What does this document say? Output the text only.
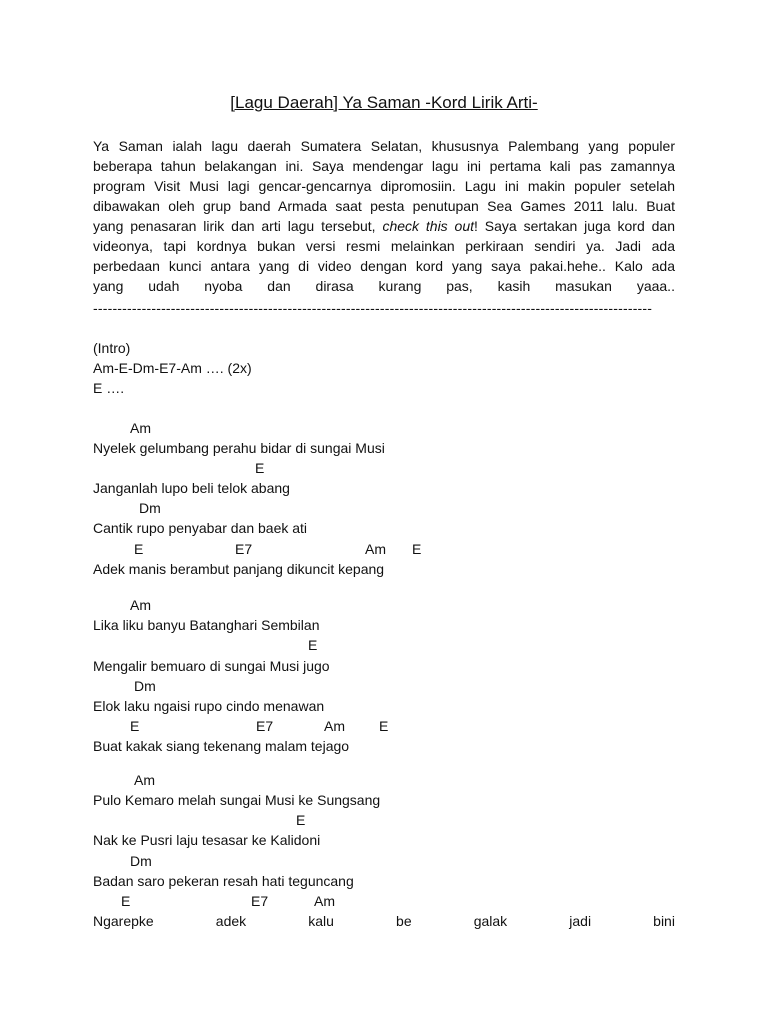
[Lagu Daerah] Ya Saman -Kord Lirik Arti-
Ya Saman ialah lagu daerah Sumatera Selatan, khususnya Palembang yang populer
beberapa tahun belakangan ini. Saya mendengar lagu ini pertama kali pas zamannya
program Visit Musi lagi gencar-gencarnya dipromosiin. Lagu ini makin populer setelah
dibawakan oleh grup band Armada saat pesta penutupan Sea Games 2011 lalu. Buat
yang penasaran lirik dan arti lagu tersebut, check this out! Saya sertakan juga kord dan
videonya, tapi kordnya bukan versi resmi melainkan perkiraan sendiri ya. Jadi ada
perbedaan kunci antara yang di video dengan kord yang saya pakai.hehe.. Kalo ada
yang udah nyoba dan dirasa kurang pas, kasih masukan yaaa..
-------------------------------------------------------------------------------------------------------------------
(Intro)
Am-E-Dm-E7-Am …. (2x)
E ….
Am
Nyelek gelumbang perahu bidar di sungai Musi
E
Janganlah lupo beli telok abang
Dm
Cantik rupo penyabar dan baek ati
E	E7	Am E
Adek manis berambut panjang dikuncit kepang
Am
Lika liku banyu Batanghari Sembilan
E
Mengalir bemuaro di sungai Musi jugo
Dm
Elok laku ngaisi rupo cindo menawan
E	E7	Am E
Buat kakak siang tekenang malam tejago
Am
Pulo Kemaro melah sungai Musi ke Sungsang
E
Nak ke Pusri laju tesasar ke Kalidoni
Dm
Badan saro pekeran resah hati teguncang
E	E7	Am
Ngarepke	adek	kalu	be	galak	jadi	bini
